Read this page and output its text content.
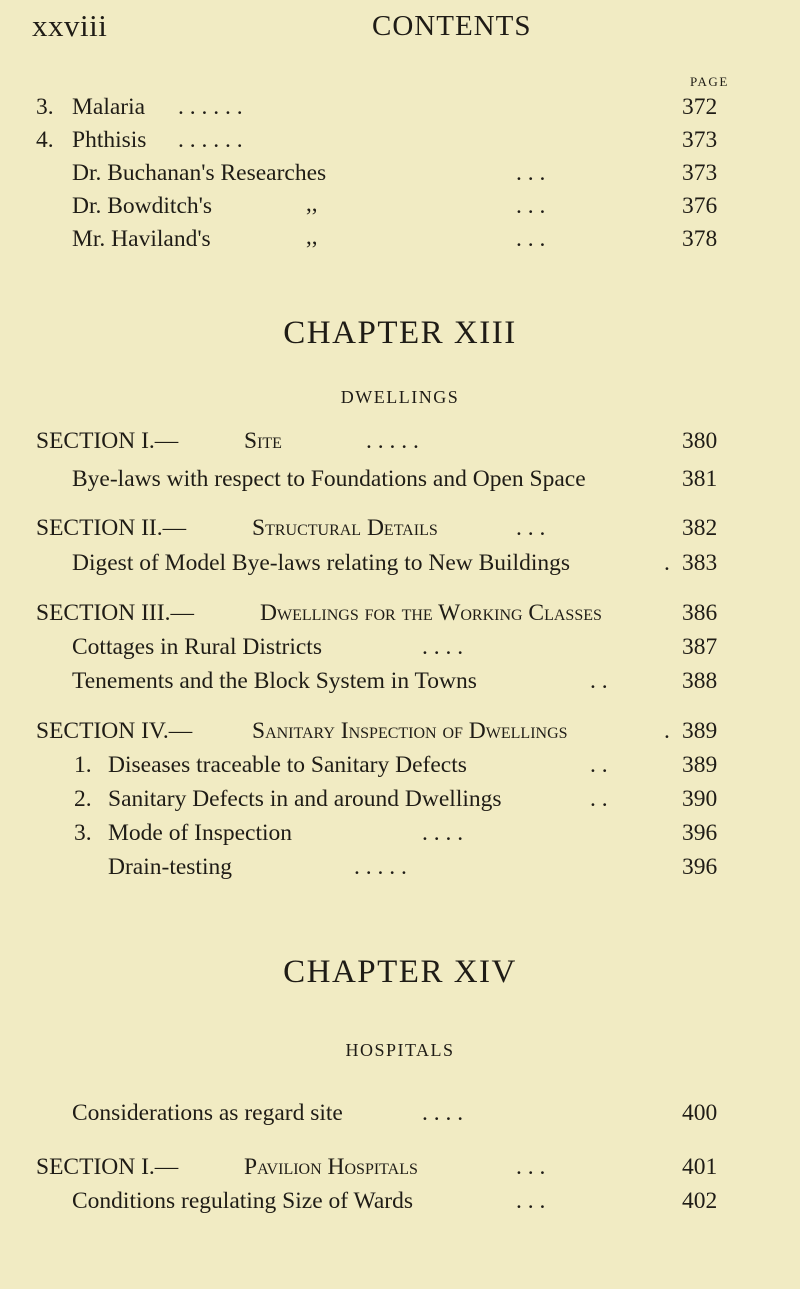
xxviii	CONTENTS
PAGE
3. Malaria . . . . . .	372
4. Phthisis . . . . . .	373
Dr. Buchanan's Researches	. . .	373
Dr. Bowditch's	,,	. . .	376
Mr. Haviland's	,,	. . .	378
CHAPTER XIII
DWELLINGS
SECTION I.—	Site	. . . . .	380
Bye-laws with respect to Foundations and Open Space	381
SECTION II.—	Structural Details	. . .	382
Digest of Model Bye-laws relating to New Buildings	. 383
SECTION III.—	Dwellings for the Working Classes	386
Cottages in Rural Districts	. . . .	387
Tenements and the Block System in Towns	. .	388
SECTION IV.—	Sanitary Inspection of Dwellings	. 389
1. Diseases traceable to Sanitary Defects	. .	389
2. Sanitary Defects in and around Dwellings	. .	390
3. Mode of Inspection	. . . .	396
Drain-testing	. . . . .	396
CHAPTER XIV
HOSPITALS
Considerations as regard site	. . . .	400
SECTION I.—	Pavilion Hospitals	. . .	401
Conditions regulating Size of Wards	. . .	402
